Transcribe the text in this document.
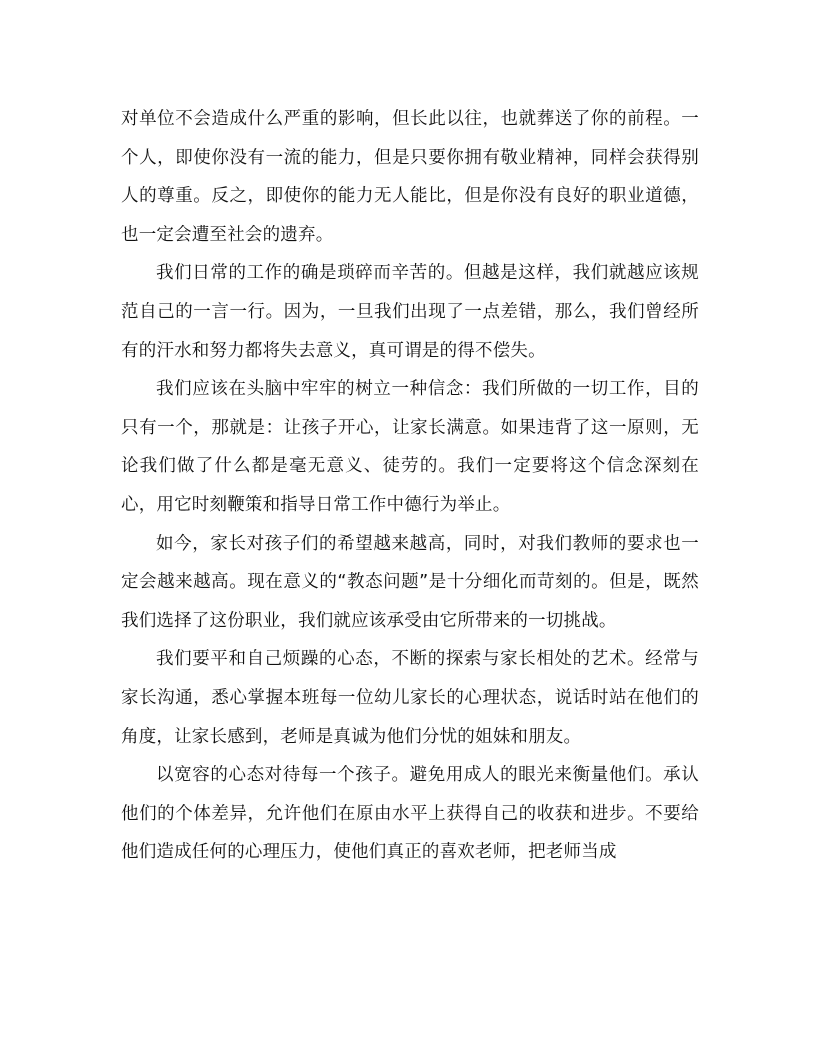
对单位不会造成什么严重的影响，但长此以往，也就葬送了你的前程。一个人，即使你没有一流的能力，但是只要你拥有敬业精神，同样会获得别人的尊重。反之，即使你的能力无人能比，但是你没有良好的职业道德，也一定会遭至社会的遗弃。

我们日常的工作的确是琐碎而辛苦的。但越是这样，我们就越应该规范自己的一言一行。因为，一旦我们出现了一点差错，那么，我们曾经所有的汗水和努力都将失去意义，真可谓是的得不偿失。

我们应该在头脑中牢牢的树立一种信念：我们所做的一切工作，目的只有一个，那就是：让孩子开心，让家长满意。如果违背了这一原则，无论我们做了什么都是毫无意义、徒劳的。我们一定要将这个信念深刻在心，用它时刻鞭策和指导日常工作中德行为举止。

如今，家长对孩子们的希望越来越高，同时，对我们教师的要求也一定会越来越高。现在意义的“教态问题”是十分细化而苛刻的。但是，既然我们选择了这份职业，我们就应该承受由它所带来的一切挑战。

我们要平和自己烦躁的心态，不断的探索与家长相处的艺术。经常与家长沟通，悉心掌握本班每一位幼儿家长的心理状态，说话时站在他们的角度，让家长感到，老师是真诚为他们分忧的姐妹和朋友。

以宽容的心态对待每一个孩子。避免用成人的眼光来衡量他们。承认他们的个体差异，允许他们在原由水平上获得自己的收获和进步。不要给他们造成任何的心理压力，使他们真正的喜欢老师，把老师当成
